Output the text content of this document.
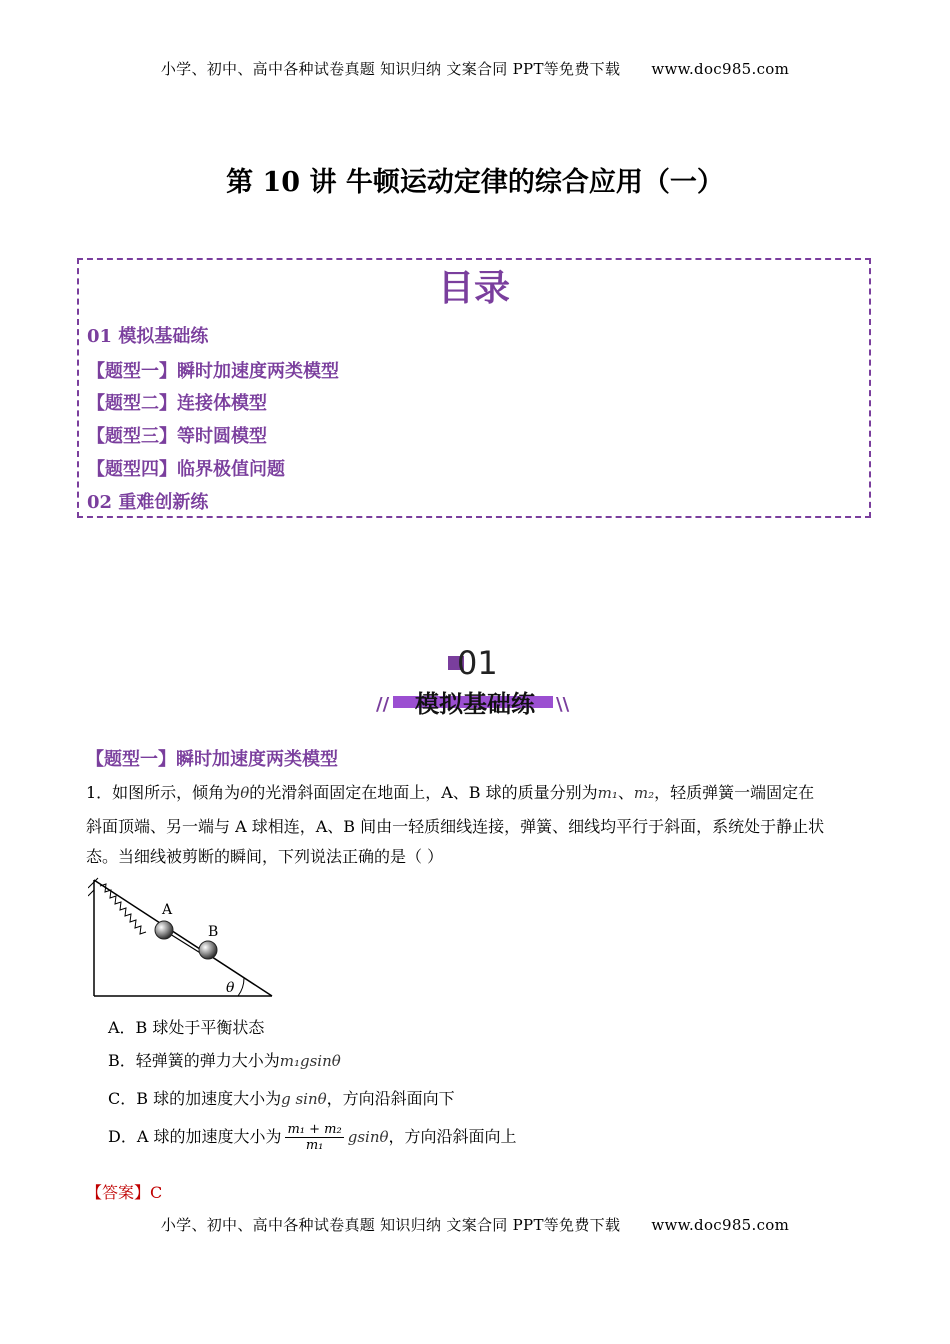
小学、初中、高中各种试卷真题 知识归纳 文案合同 PPT等免费下载 www.doc985.com
第 10 讲 牛顿运动定律的综合应用（一）
目录
01 模拟基础练
【题型一】瞬时加速度两类模型
【题型二】连接体模型
【题型三】等时圆模型
【题型四】临界极值问题
02 重难创新练
01
模拟基础练
//	\\
【题型一】瞬时加速度两类模型
1．如图所示，倾角为θ的光滑斜面固定在地面上，A、B 球的质量分别为m₁、m₂，轻质弹簧一端固定在
斜面顶端、另一端与 A 球相连，A、B 间由一轻质细线连接，弹簧、细线均平行于斜面，系统处于静止状
态。当细线被剪断的瞬间，下列说法正确的是（ ）
A
B
θ
A．B 球处于平衡状态
B．轻弹簧的弹力大小为m₁gsinθ
C．B 球的加速度大小为g sinθ，方向沿斜面向下
D．A 球的加速度大小为 $\frac{\text{m₁ + m₂}}{\text{m₁}}$ gsinθ，方向沿斜面向上
【答案】C
小学、初中、高中各种试卷真题 知识归纳 文案合同 PPT等免费下载 www.doc985.com
